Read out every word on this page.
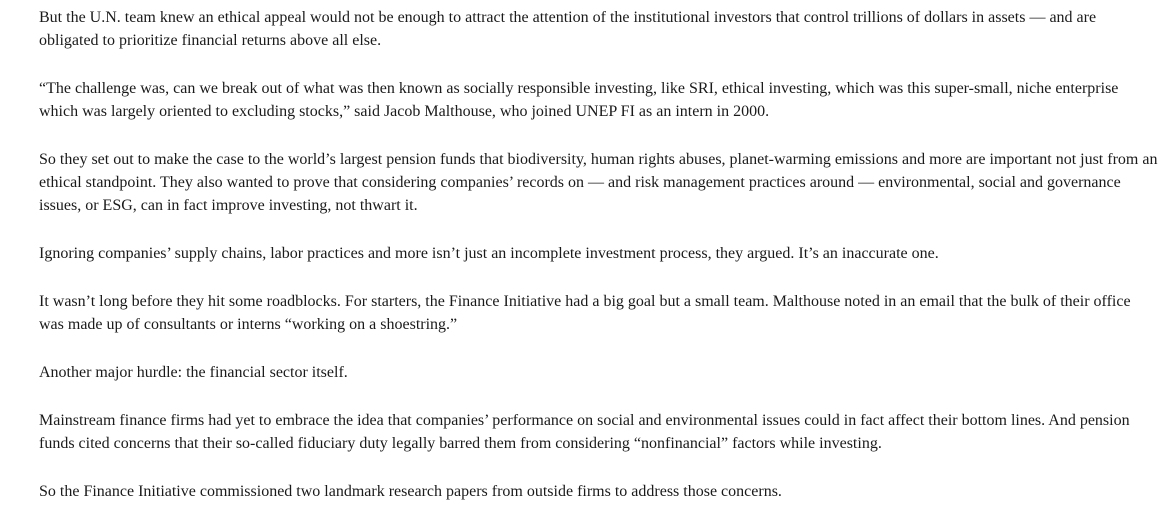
But the U.N. team knew an ethical appeal would not be enough to attract the attention of the institutional investors that control trillions of dollars in assets — and are obligated to prioritize financial returns above all else.

“The challenge was, can we break out of what was then known as socially responsible investing, like SRI, ethical investing, which was this super-small, niche enterprise which was largely oriented to excluding stocks,” said Jacob Malthouse, who joined UNEP FI as an intern in 2000.

So they set out to make the case to the world’s largest pension funds that biodiversity, human rights abuses, planet-warming emissions and more are important not just from an ethical standpoint. They also wanted to prove that considering companies’ records on — and risk management practices around — environmental, social and governance issues, or ESG, can in fact improve investing, not thwart it.

Ignoring companies’ supply chains, labor practices and more isn’t just an incomplete investment process, they argued. It’s an inaccurate one.

It wasn’t long before they hit some roadblocks. For starters, the Finance Initiative had a big goal but a small team. Malthouse noted in an email that the bulk of their office was made up of consultants or interns “working on a shoestring.”

Another major hurdle: the financial sector itself.

Mainstream finance firms had yet to embrace the idea that companies’ performance on social and environmental issues could in fact affect their bottom lines. And pension funds cited concerns that their so-called fiduciary duty legally barred them from considering “nonfinancial” factors while investing.

So the Finance Initiative commissioned two landmark research papers from outside firms to address those concerns.
